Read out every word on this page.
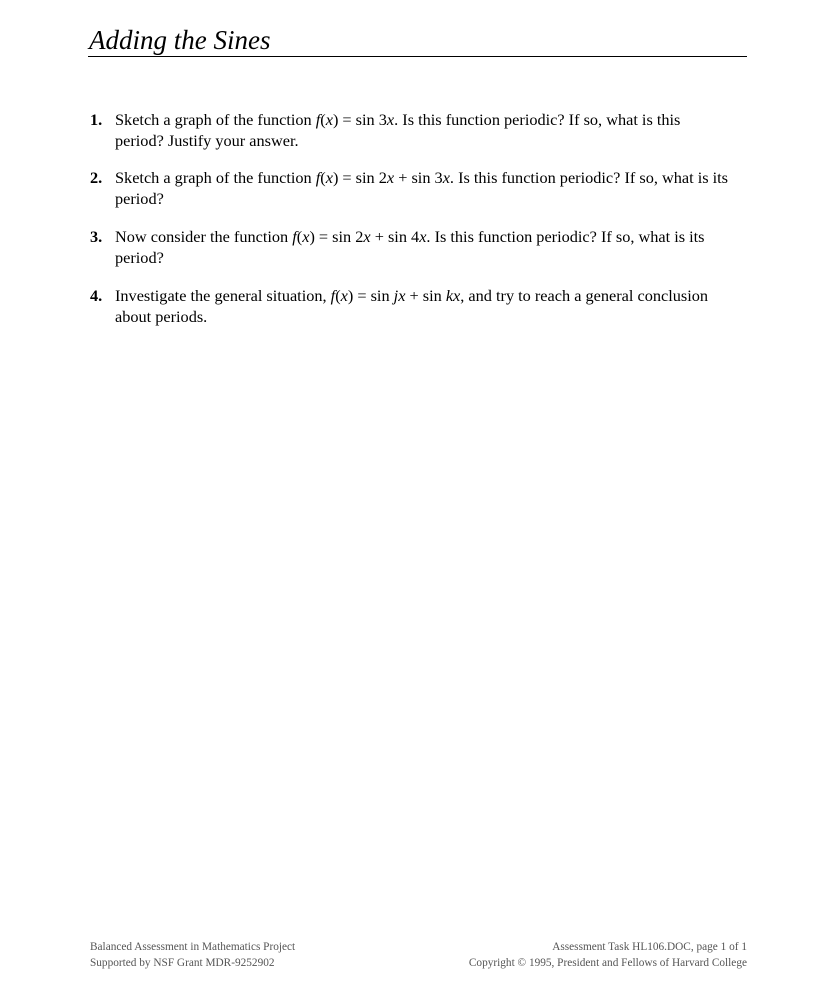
Adding the Sines
1. Sketch a graph of the function f(x) = sin 3x. Is this function periodic? If so, what is this period? Justify your answer.
2. Sketch a graph of the function f(x) = sin 2x + sin 3x. Is this function periodic? If so, what is its period?
3. Now consider the function f(x) = sin 2x + sin 4x. Is this function periodic? If so, what is its period?
4. Investigate the general situation, f(x) = sin jx + sin kx, and try to reach a general conclusion about periods.
Balanced Assessment in Mathematics Project
Supported by NSF Grant MDR-9252902
Assessment Task HL106.DOC, page 1 of 1
Copyright © 1995, President and Fellows of Harvard College
